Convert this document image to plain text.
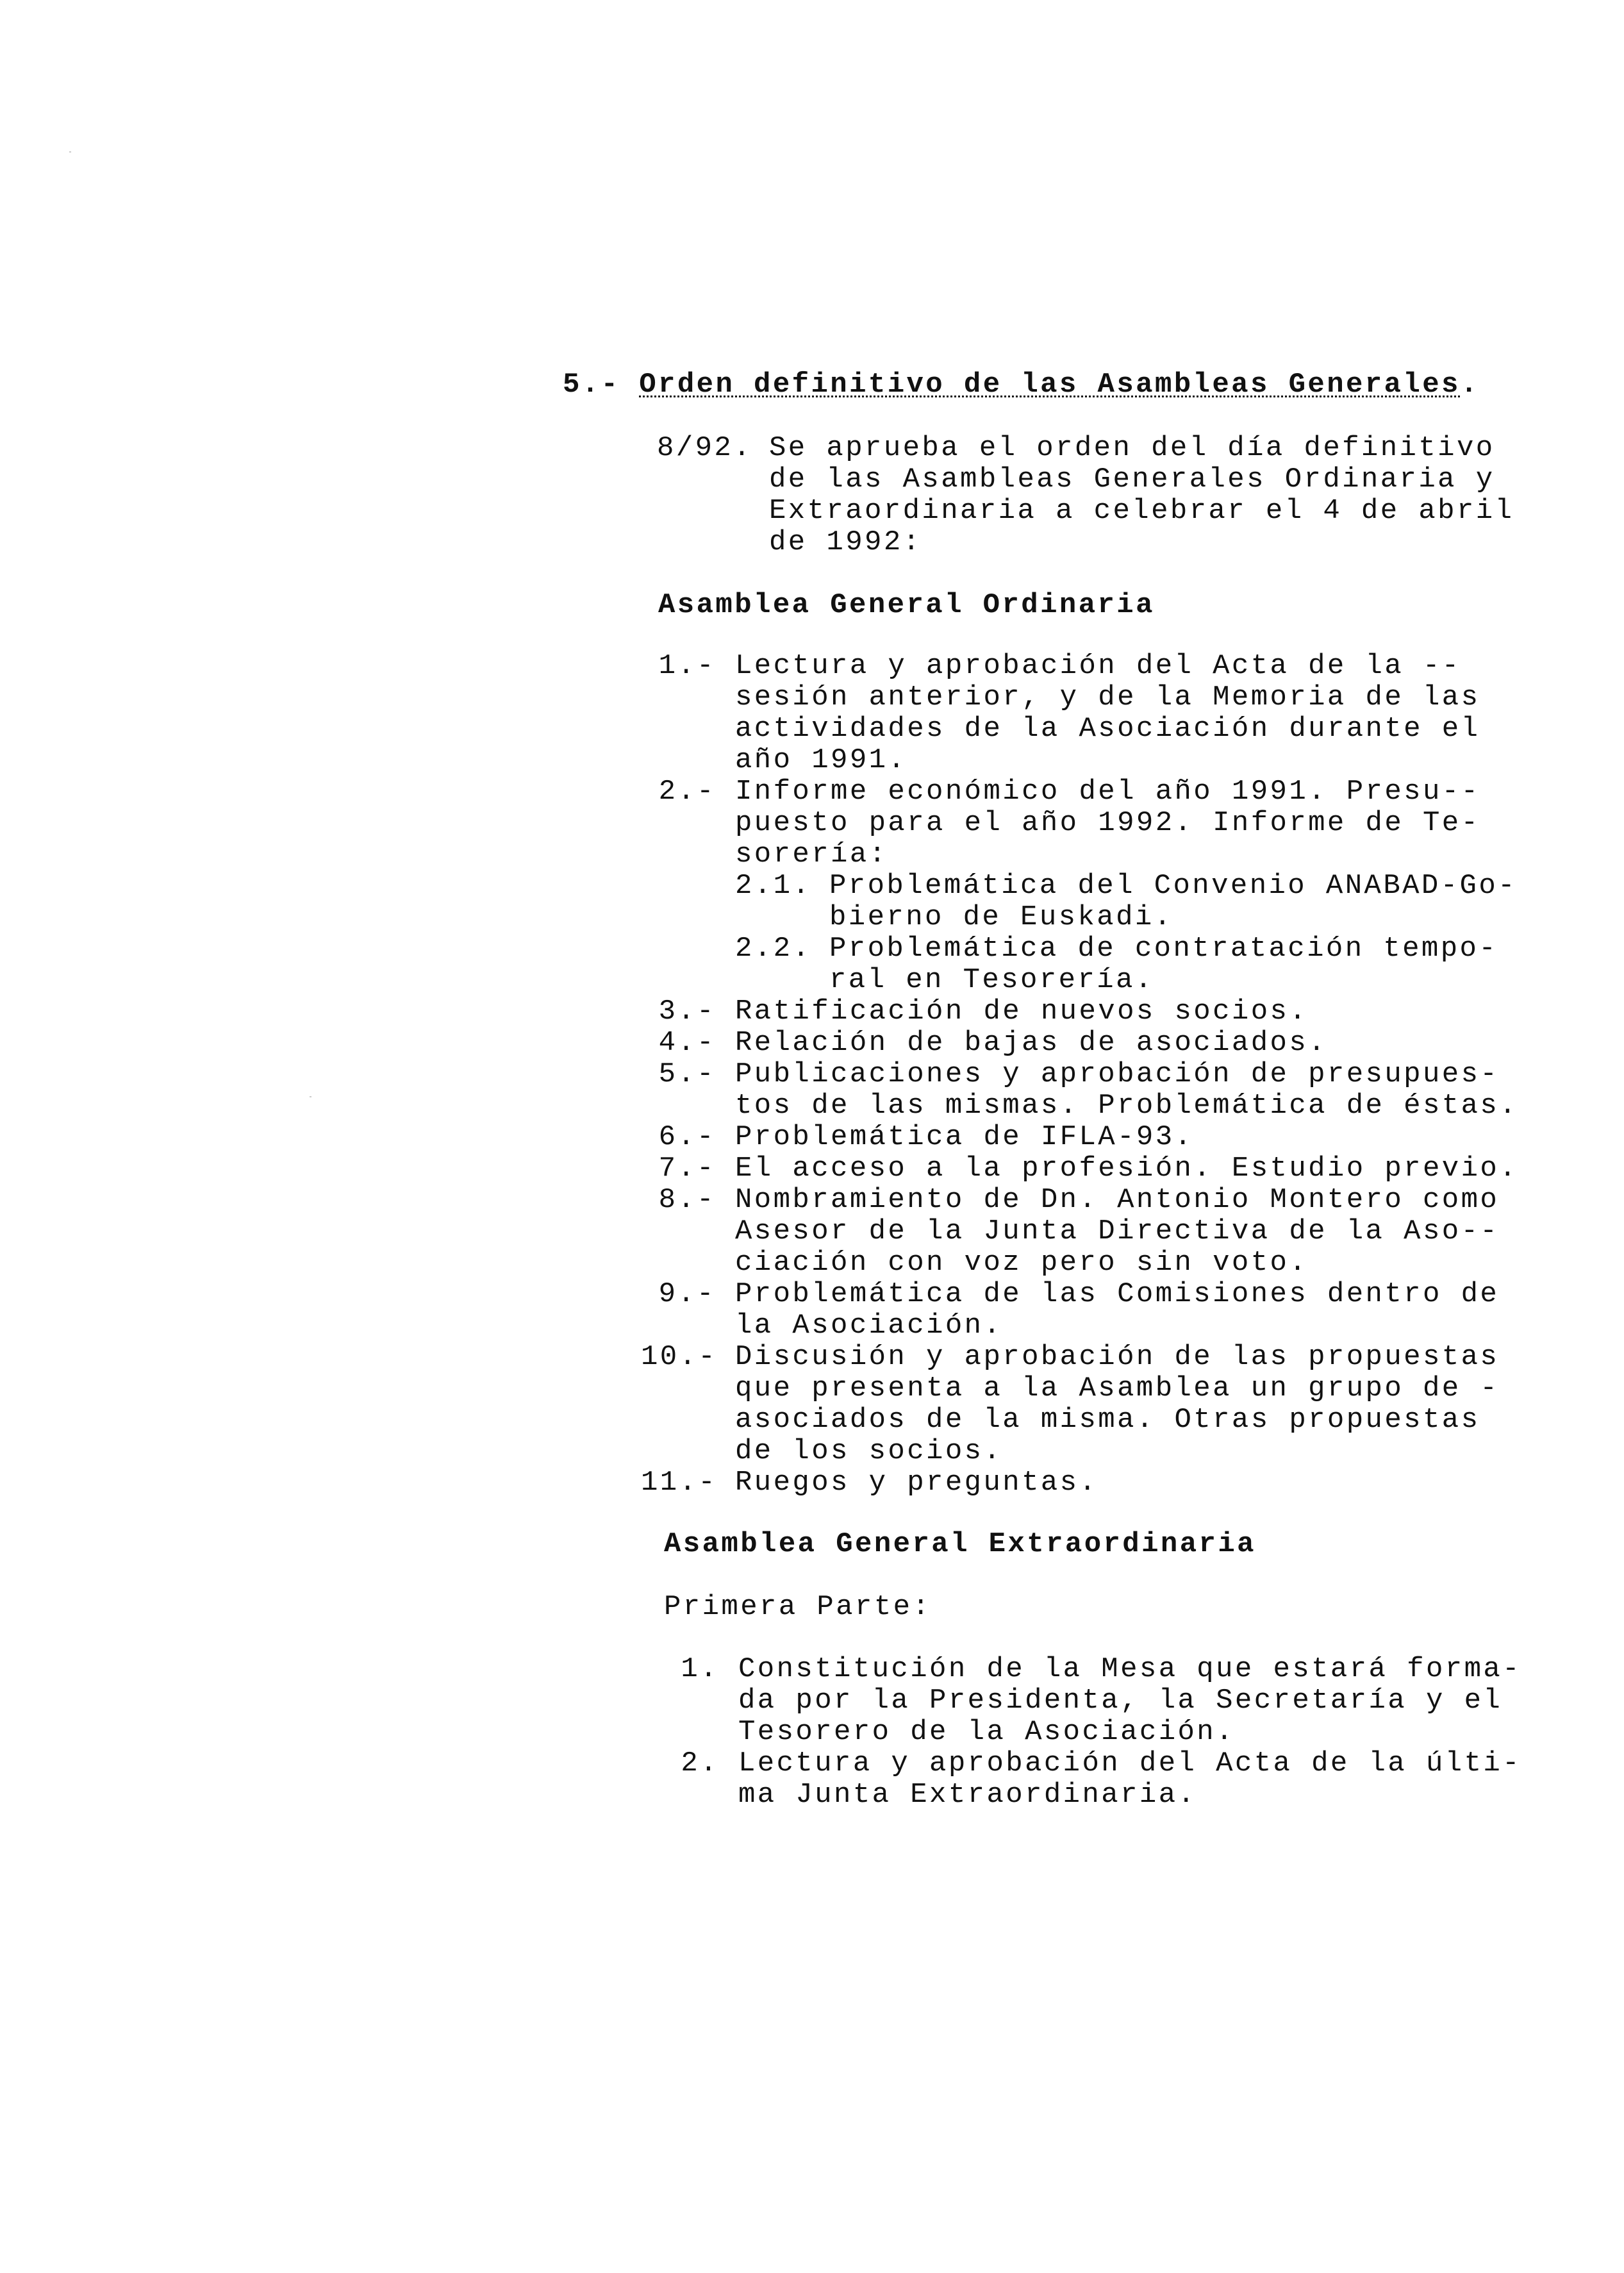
5.- Orden definitivo de las Asambleas Generales.
8/92. Se aprueba el orden del día definitivo
de las Asambleas Generales Ordinaria y
Extraordinaria a celebrar el 4 de abril
de 1992:
Asamblea General Ordinaria
1.- Lectura y aprobación del Acta de la --
sesión anterior, y de la Memoria de las
actividades de la Asociación durante el
año 1991.
2.- Informe económico del año 1991. Presu--
puesto para el año 1992. Informe de Te-
sorería:
2.1. Problemática del Convenio ANABAD-Go-
bierno de Euskadi.
2.2. Problemática de contratación tempo-
ral en Tesorería.
3.- Ratificación de nuevos socios.
4.- Relación de bajas de asociados.
5.- Publicaciones y aprobación de presupues-
tos de las mismas. Problemática de éstas.
6.- Problemática de IFLA-93.
7.- El acceso a la profesión. Estudio previo.
8.- Nombramiento de Dn. Antonio Montero como
Asesor de la Junta Directiva de la Aso--
ciación con voz pero sin voto.
9.- Problemática de las Comisiones dentro de
la Asociación.
10.- Discusión y aprobación de las propuestas
que presenta a la Asamblea un grupo de -
asociados de la misma. Otras propuestas
de los socios.
11.- Ruegos y preguntas.
Asamblea General Extraordinaria
Primera Parte:
1. Constitución de la Mesa que estará forma-
da por la Presidenta, la Secretaría y el
Tesorero de la Asociación.
2. Lectura y aprobación del Acta de la últi-
ma Junta Extraordinaria.
